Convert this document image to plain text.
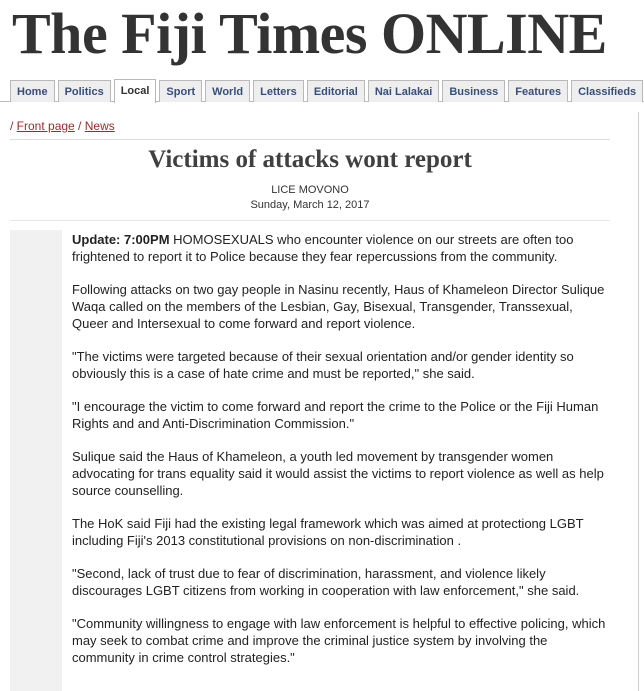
The Fiji Times ONLINE
Home	Politics	Local	Sport	World	Letters	Editorial	Nai Lalakai	Business	Features	Classifieds
/ Front page / News
Victims of attacks wont report
LICE MOVONO
Sunday, March 12, 2017

Update: 7:00PM HOMOSEXUALS who encounter violence on our streets are often too frightened to report it to Police because they fear repercussions from the community.

Following attacks on two gay people in Nasinu recently, Haus of Khameleon Director Sulique Waqa called on the members of the Lesbian, Gay, Bisexual, Transgender, Transsexual, Queer and Intersexual to come forward and report violence.

"The victims were targeted because of their sexual orientation and/or gender identity so obviously this is a case of hate crime and must be reported," she said.

"I encourage the victim to come forward and report the crime to the Police or the Fiji Human Rights and and Anti-Discrimination Commission."

Sulique said the Haus of Khameleon, a youth led movement by transgender women advocating for trans equality said it would assist the victims to report violence as well as help source counselling.

The HoK said Fiji had the existing legal framework which was aimed at protectiong LGBT including Fiji's 2013 constitutional provisions on non-discrimination .

"Second, lack of trust due to fear of discrimination, harassment, and violence likely discourages LGBT citizens from working in cooperation with law enforcement," she said.

"Community willingness to engage with law enforcement is helpful to effective policing, which may seek to combat crime and improve the criminal justice system by involving the community in crime control strategies."
